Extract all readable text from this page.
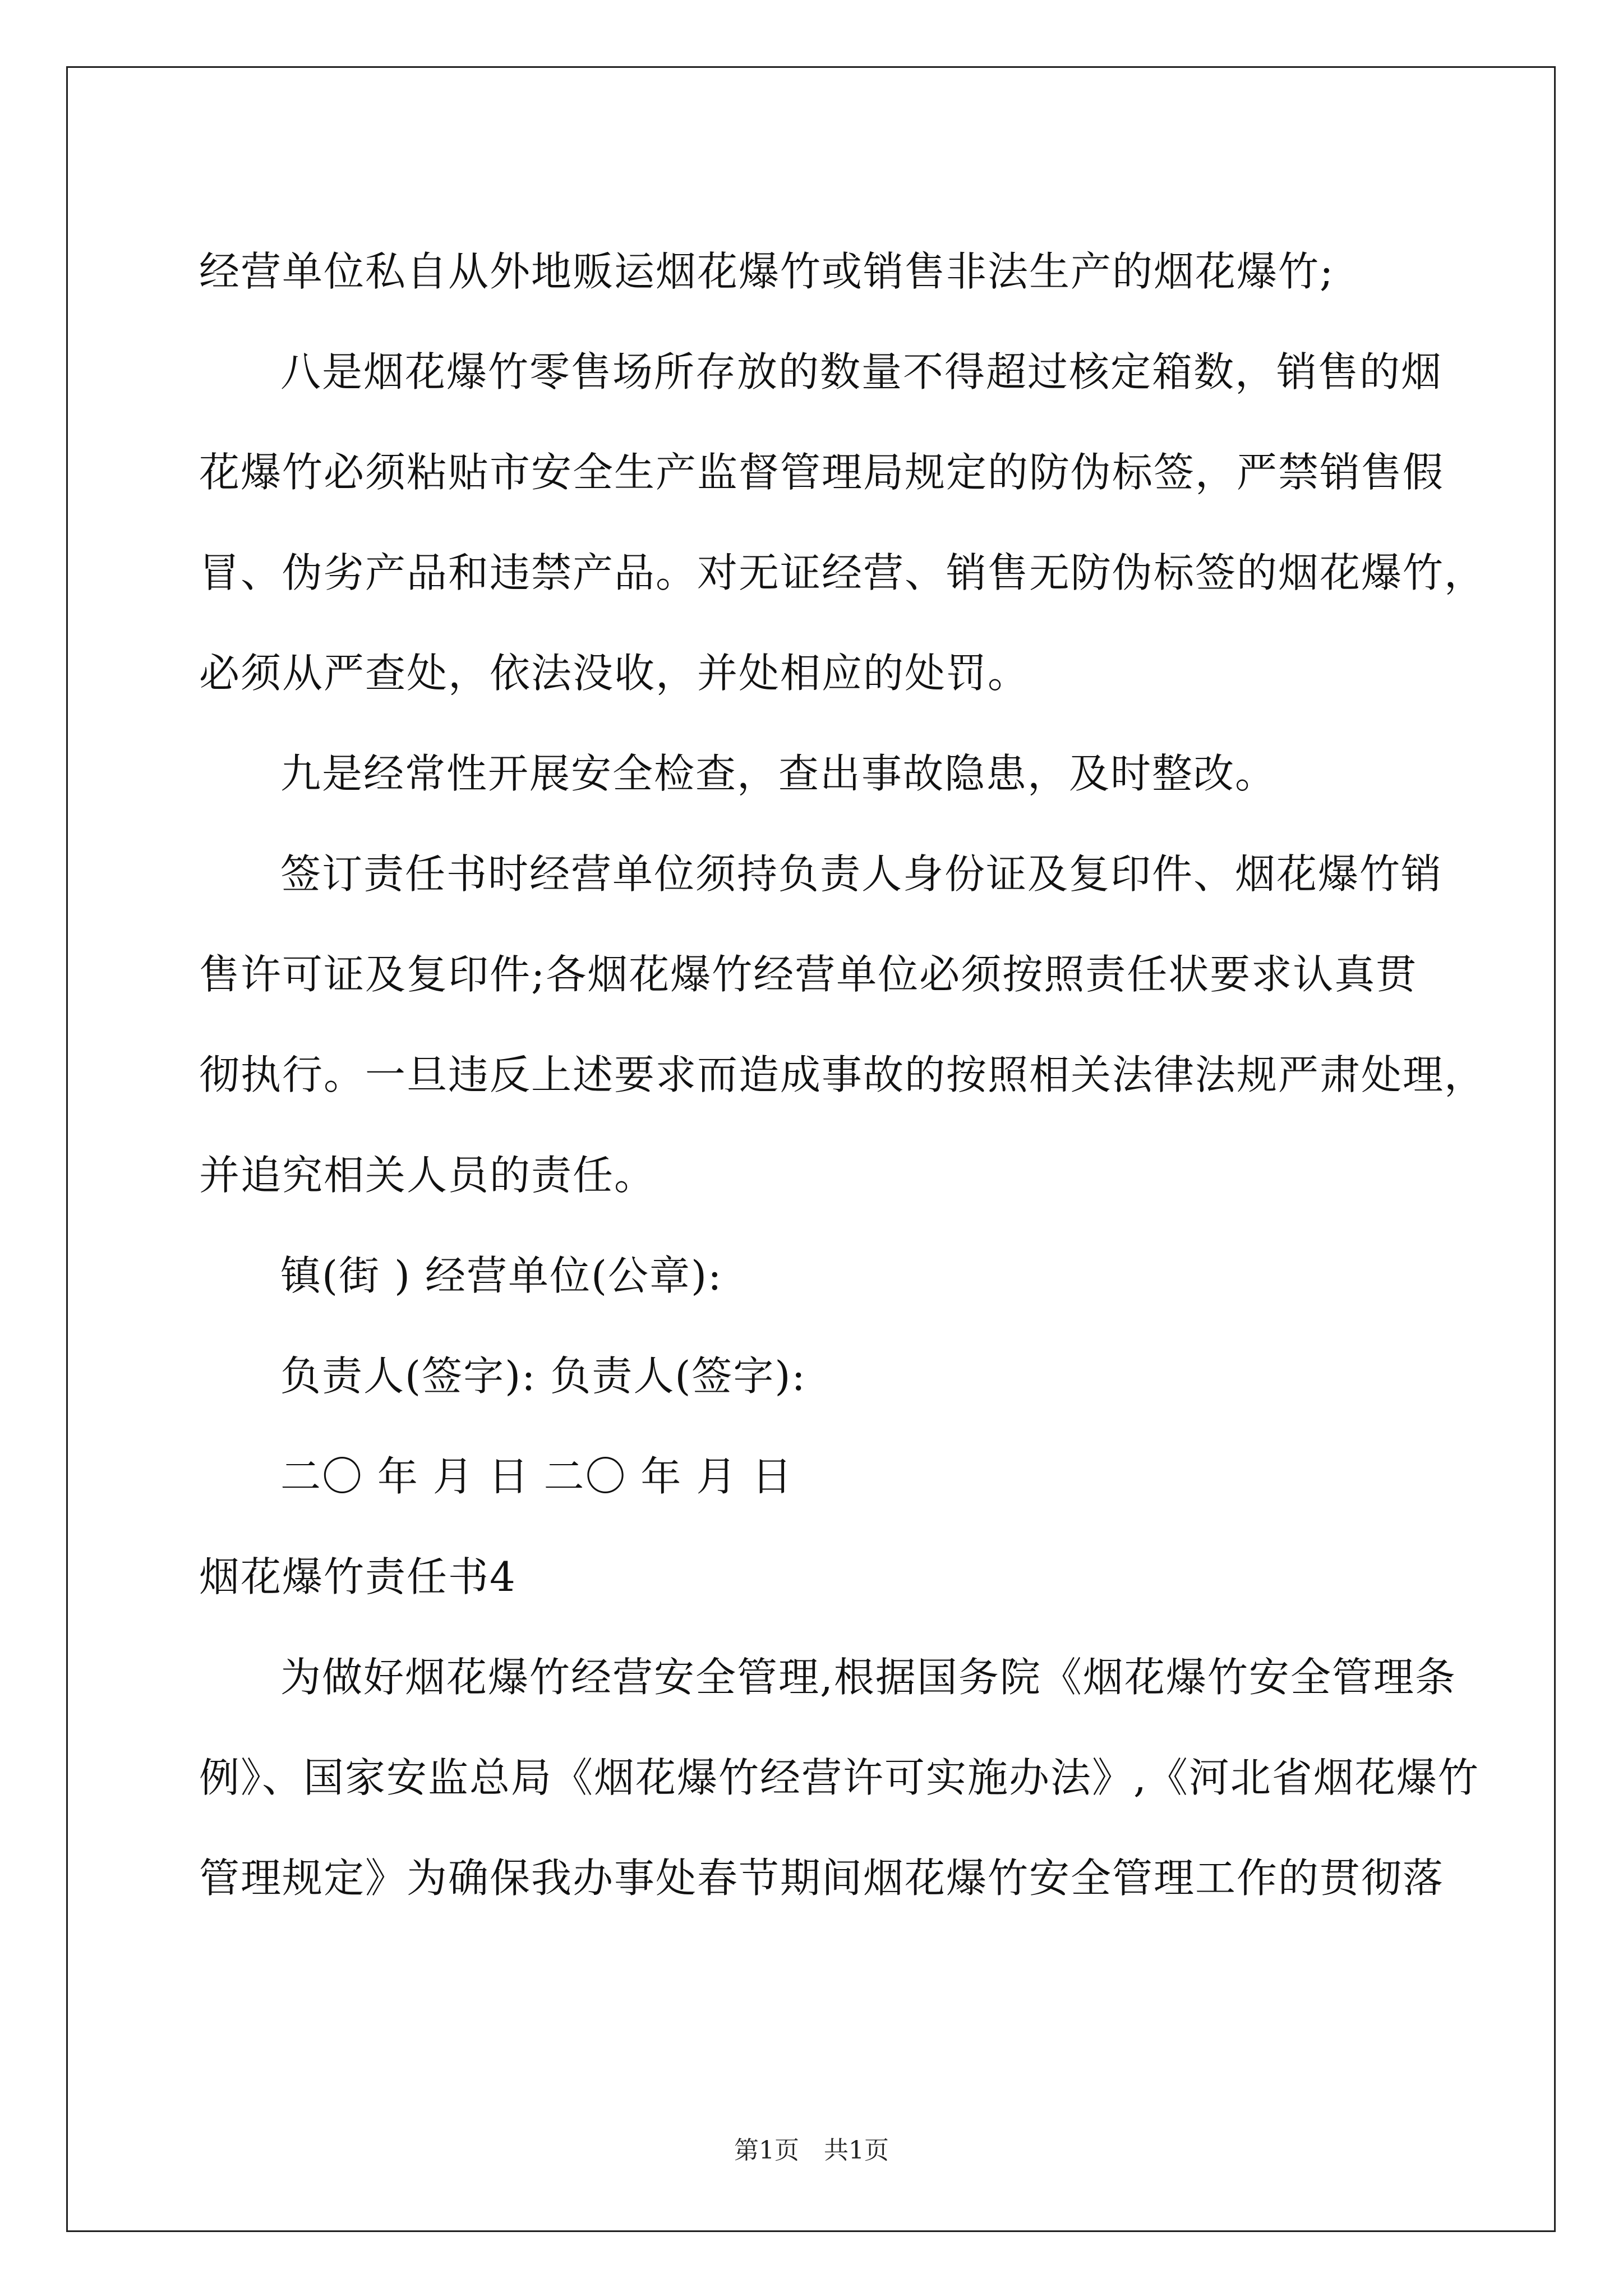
经营单位私自从外地贩运烟花爆竹或销售非法生产的烟花爆竹;
八是烟花爆竹零售场所存放的数量不得超过核定箱数，销售的烟
花爆竹必须粘贴市安全生产监督管理局规定的防伪标签，严禁销售假
冒、伪劣产品和违禁产品。对无证经营、销售无防伪标签的烟花爆竹，
必须从严查处，依法没收，并处相应的处罚。
九是经常性开展安全检查，查出事故隐患，及时整改。
签订责任书时经营单位须持负责人身份证及复印件、烟花爆竹销
售许可证及复印件;各烟花爆竹经营单位必须按照责任状要求认真贯
彻执行。一旦违反上述要求而造成事故的按照相关法律法规严肃处理，
并追究相关人员的责任。
镇(街 ) 经营单位(公章):
负责人(签字): 负责人(签字):
二〇 年 月 日 二〇 年 月 日
烟花爆竹责任书4
为做好烟花爆竹经营安全管理,根据国务院《烟花爆竹安全管理条
例》、国家安监总局《烟花爆竹经营许可实施办法》,《河北省烟花爆竹
管理规定》为确保我办事处春节期间烟花爆竹安全管理工作的贯彻落
第1页　共1页
